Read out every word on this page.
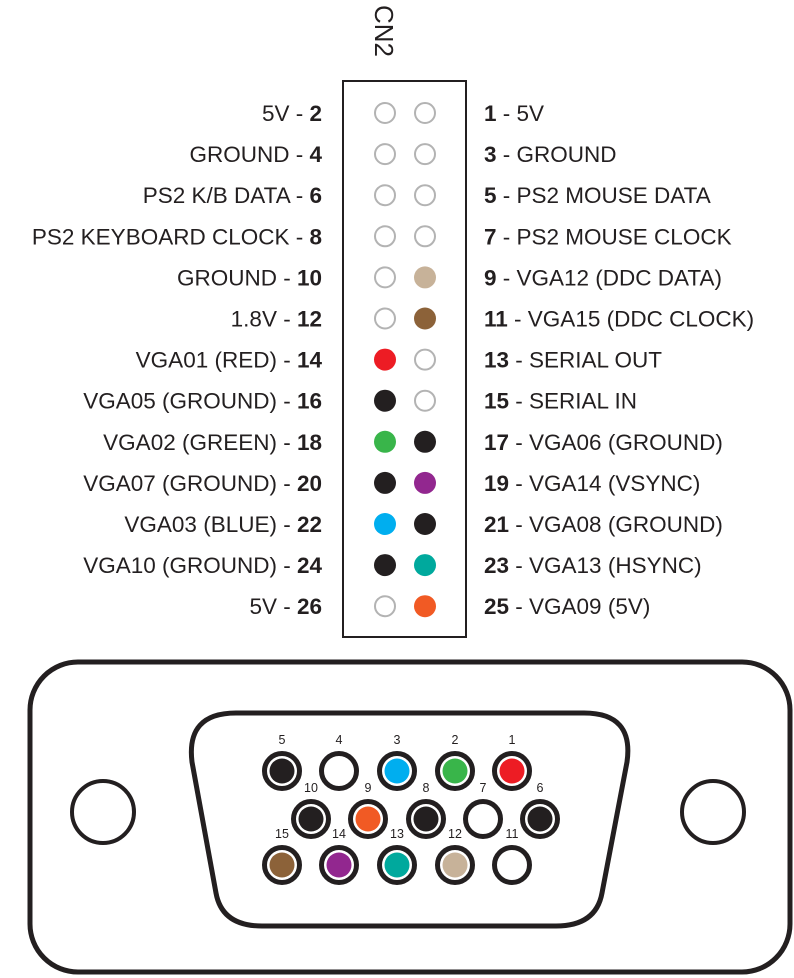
CN2
5V - 2	1 - 5V
GROUND - 4	3 - GROUND
PS2 K/B DATA - 6	5 - PS2 MOUSE DATA
PS2 KEYBOARD CLOCK - 8	7 - PS2 MOUSE CLOCK
GROUND - 10	9 - VGA12 (DDC DATA)
1.8V - 12	11 - VGA15 (DDC CLOCK)
VGA01 (RED) - 14	13 - SERIAL OUT
VGA05 (GROUND) - 16	15 - SERIAL IN
VGA02 (GREEN) - 18	17 - VGA06 (GROUND)
VGA07 (GROUND) - 20	19 - VGA14 (VSYNC)
VGA03 (BLUE) - 22	21 - VGA08 (GROUND)
VGA10 (GROUND) - 24	23 - VGA13 (HSYNC)
5V - 26	25 - VGA09 (5V)
5	4	3	2	1
10	9	8	7	6
15	14	13	12	11
